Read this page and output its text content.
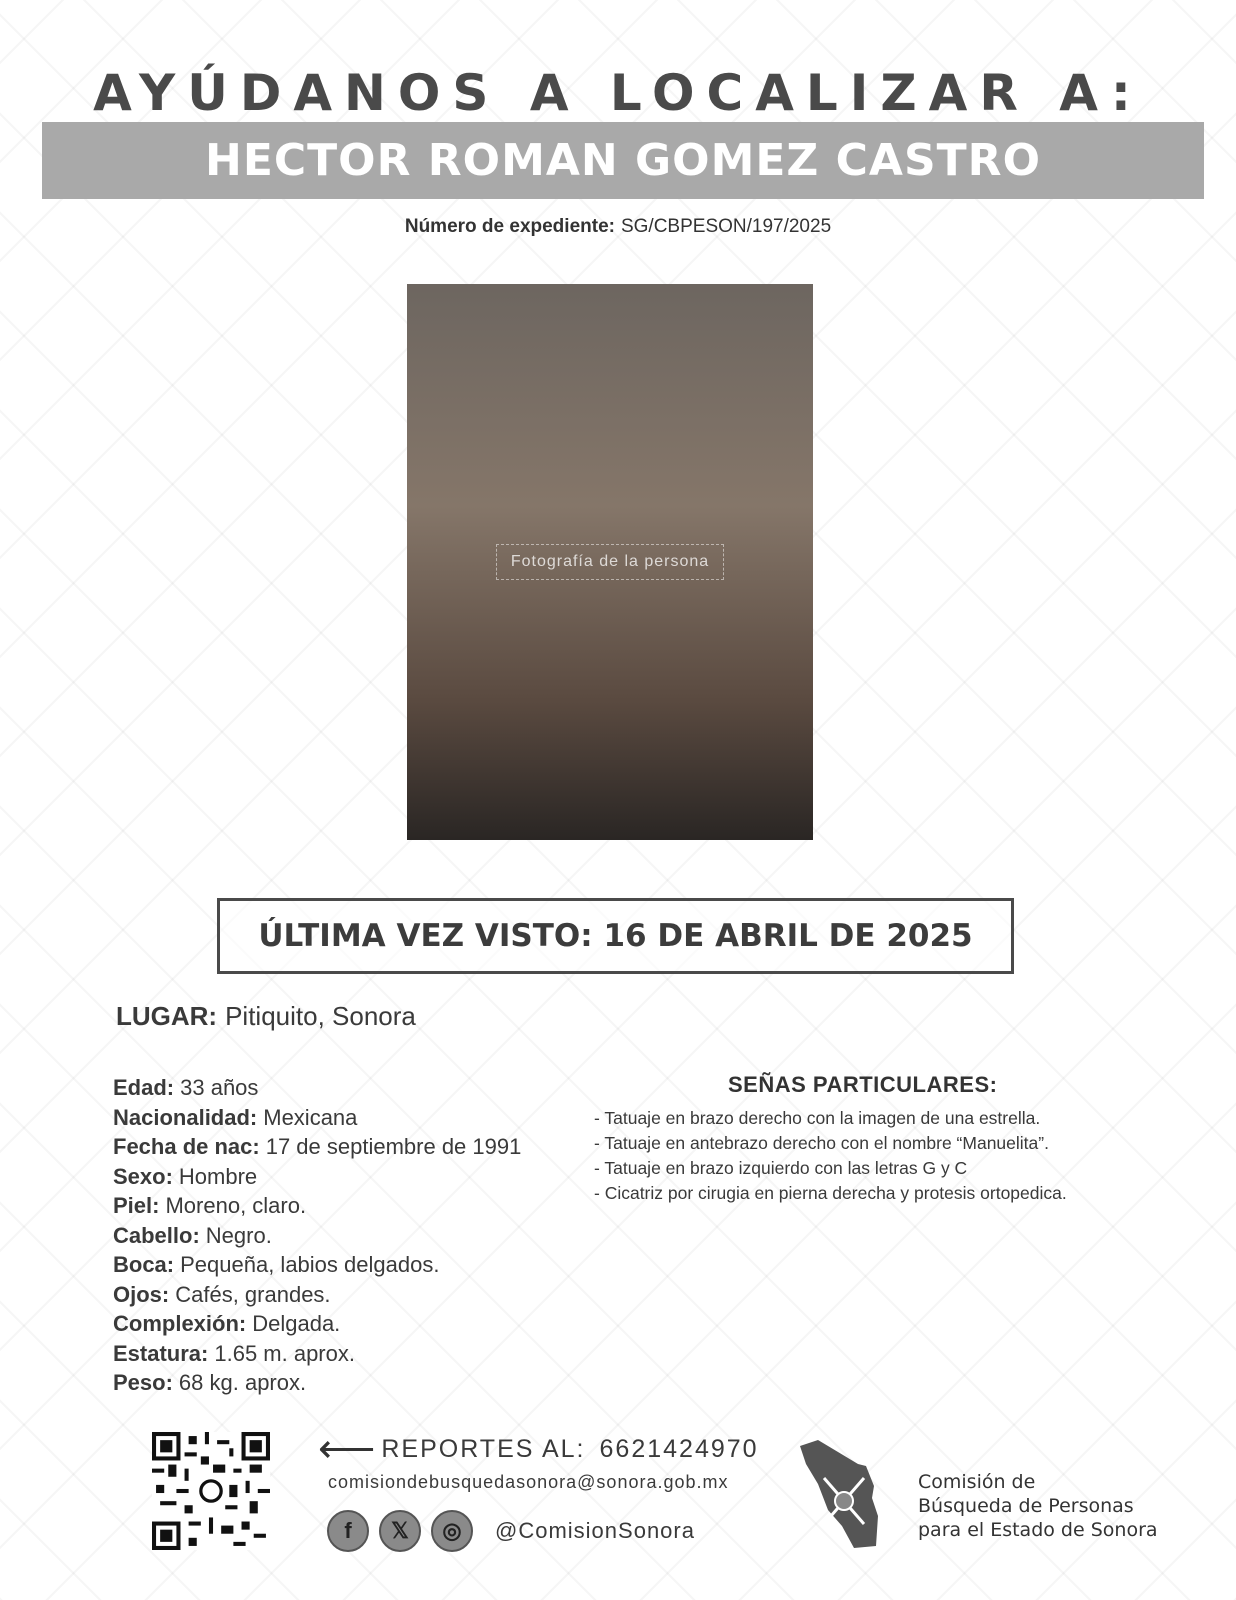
AYÚDANOS A LOCALIZAR A:
HECTOR ROMAN GOMEZ CASTRO
Número de expediente: SG/CBPESON/197/2025
Fotografía de la persona
ÚLTIMA VEZ VISTO: 16 DE ABRIL DE 2025
LUGAR: Pitiquito, Sonora
Edad: 33 años
Nacionalidad: Mexicana
Fecha de nac: 17 de septiembre de 1991
Sexo: Hombre
Piel: Moreno, claro.
Cabello: Negro.
Boca: Pequeña, labios delgados.
Ojos: Cafés, grandes.
Complexión: Delgada.
Estatura: 1.65 m. aprox.
Peso: 68 kg. aprox.
SEÑAS PARTICULARES:
- Tatuaje en brazo derecho con la imagen de una estrella.
- Tatuaje en antebrazo derecho con el nombre “Manuelita”.
- Tatuaje en brazo izquierdo con las letras G y C
- Cicatriz por cirugia en pierna derecha y protesis ortopedica.
⟵ REPORTES AL: 6621424970
comisiondebusquedasonora@sonora.gob.mx
f	𝕏	◎	@ComisionSonora
Comisión de
Búsqueda de Personas
para el Estado de Sonora
